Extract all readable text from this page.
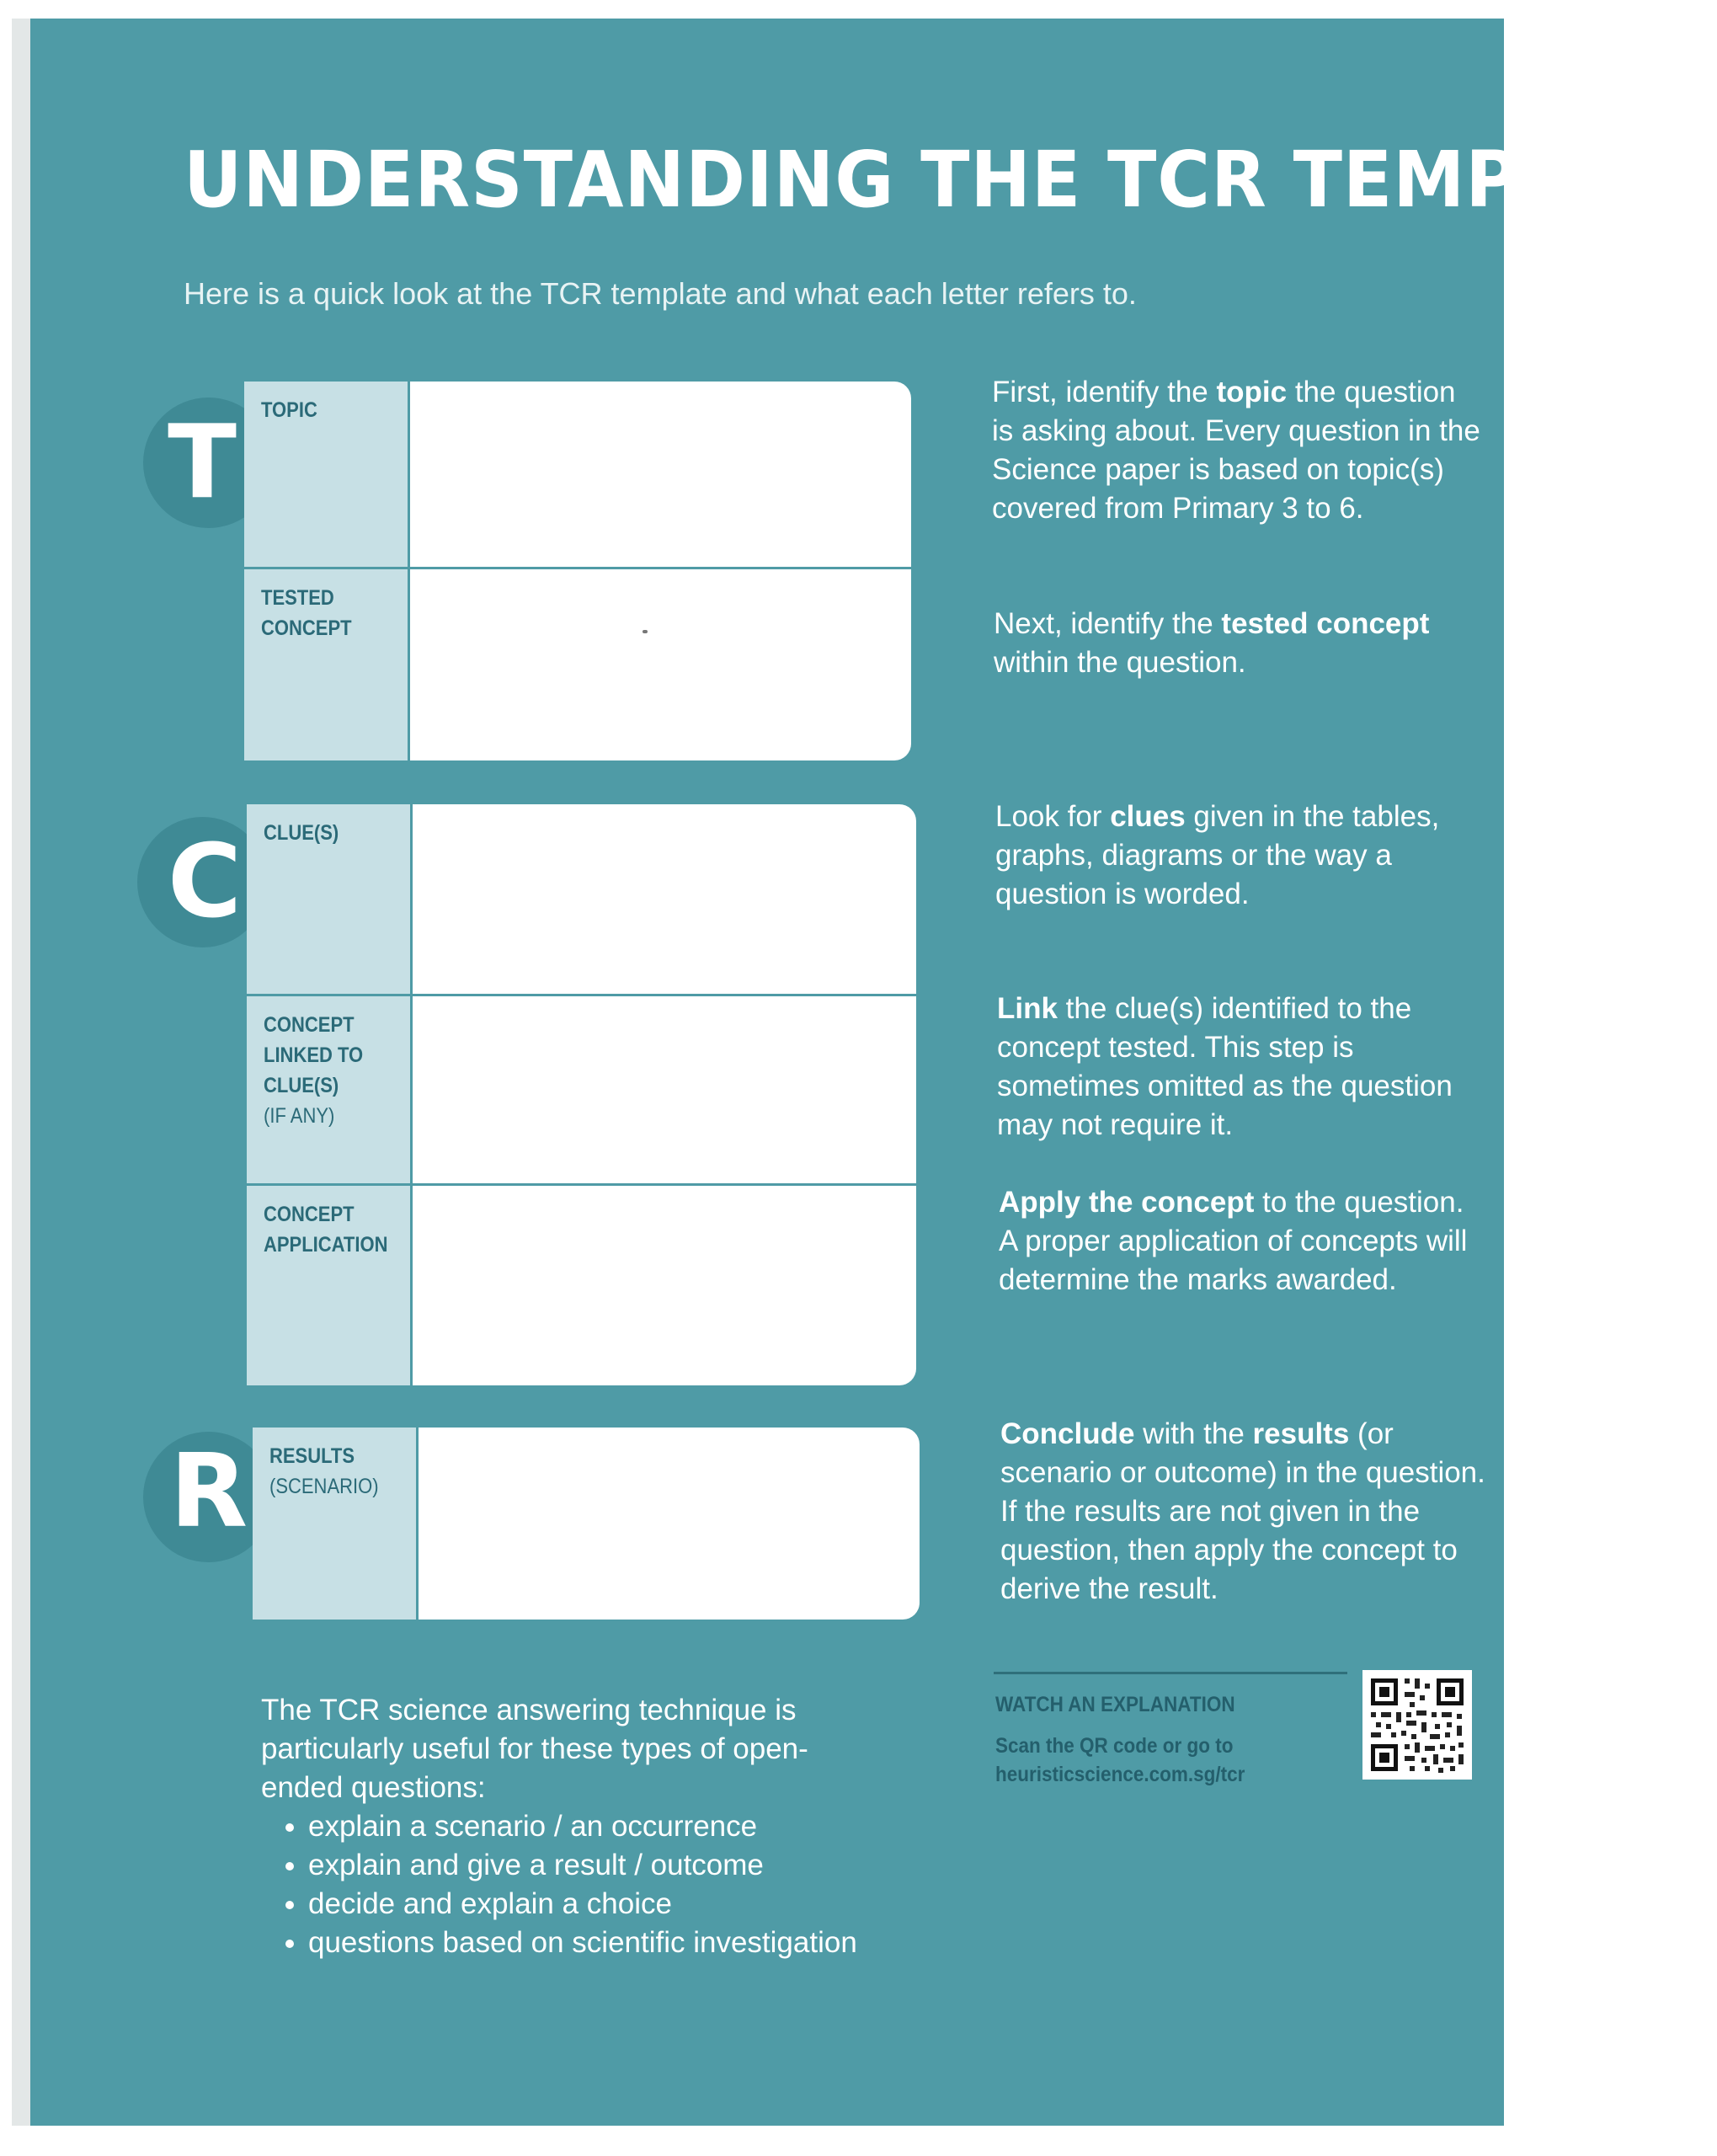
UNDERSTANDING THE TCR TEMPLATE
Here is a quick look at the TCR template and what each letter refers to.
T	TOPIC
TESTED CONCEPT
C	CLUE(S)
CONCEPT LINKED TO CLUE(S)
(IF ANY)
CONCEPT APPLICATION
R	RESULTS
(SCENARIO)
First, identify the topic the question is asking about. Every question in the Science paper is based on topic(s) covered from Primary 3 to 6.
Next, identify the tested concept within the question.
Look for clues given in the tables, graphs, diagrams or the way a question is worded.
Link the clue(s) identified to the concept tested. This step is sometimes omitted as the question may not require it.
Apply the concept to the question. A proper application of concepts will determine the marks awarded.
Conclude with the results (or scenario or outcome) in the question. If the results are not given in the question, then apply the concept to derive the result.
The TCR science answering technique is particularly useful for these types of open-ended questions:
• explain a scenario / an occurrence
• explain and give a result / outcome
• decide and explain a choice
• questions based on scientific investigation
WATCH AN EXPLANATION
Scan the QR code or go to
heuristicscience.com.sg/tcr
